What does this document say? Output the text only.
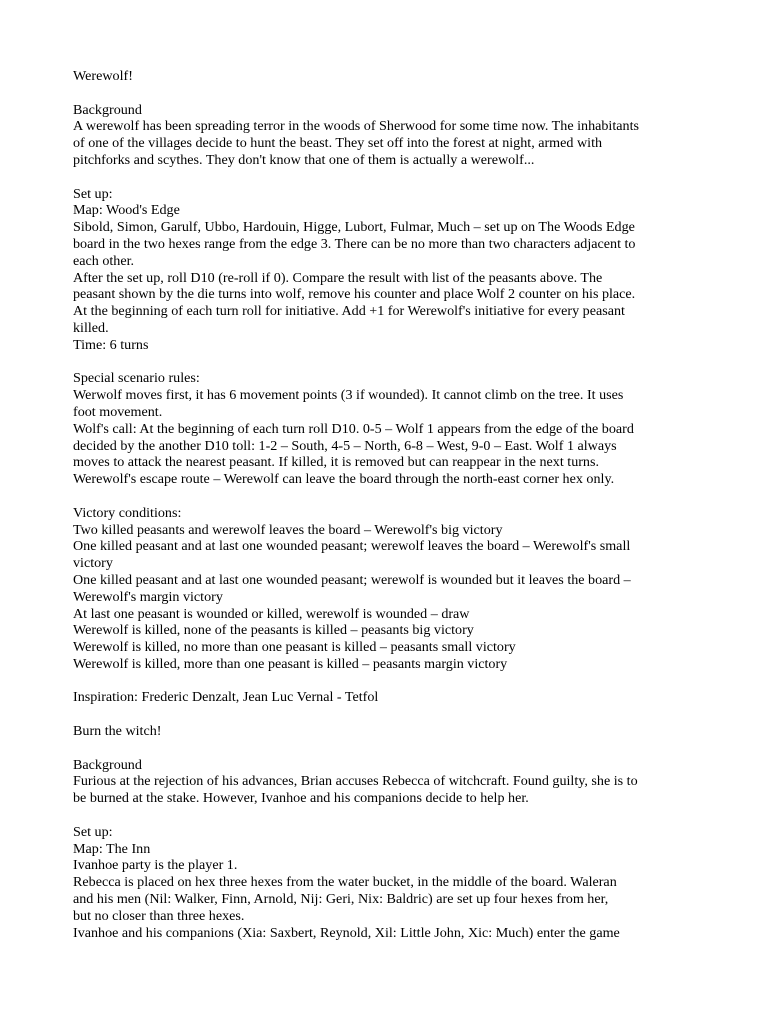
Werewolf!
Background
A werewolf has been spreading terror in the woods of Sherwood for some time now. The inhabitants
of one of the villages decide to hunt the beast. They set off into the forest at night, armed with
pitchforks and scythes. They don't know that one of them is actually a werewolf...
Set up:
Map: Wood's Edge
Sibold, Simon, Garulf, Ubbo, Hardouin, Higge, Lubort, Fulmar, Much – set up on The Woods Edge
board in the two hexes range from the edge 3. There can be no more than two characters adjacent to
each other.
After the set up, roll D10 (re-roll if 0). Compare the result with list of the peasants above. The
peasant shown by the die turns into wolf, remove his counter and place Wolf 2 counter on his place.
At the beginning of each turn roll for initiative. Add +1 for Werewolf's initiative for every peasant
killed.
Time: 6 turns
Special scenario rules:
Werwolf moves first, it has 6 movement points (3 if wounded). It cannot climb on the tree. It uses
foot movement.
Wolf's call: At the beginning of each turn roll D10. 0-5 – Wolf 1 appears from the edge of the board
decided by the another D10 toll: 1-2 – South, 4-5 – North, 6-8 – West, 9-0 – East. Wolf 1 always
moves to attack the nearest peasant. If killed, it is removed but can reappear in the next turns.
Werewolf's escape route – Werewolf can leave the board through the north-east corner hex only.
Victory conditions:
Two killed peasants and werewolf leaves the board – Werewolf's big victory
One killed peasant and at last one wounded peasant; werewolf leaves the board – Werewolf's small
victory
One killed peasant and at last one wounded peasant; werewolf is wounded but it leaves the board –
Werewolf's margin victory
At last one peasant is wounded or killed, werewolf is wounded – draw
Werewolf is killed, none of the peasants is killed – peasants big victory
Werewolf is killed, no more than one peasant is killed – peasants small victory
Werewolf is killed, more than one peasant is killed – peasants margin victory
Inspiration: Frederic Denzalt, Jean Luc Vernal - Tetfol
Burn the witch!
Background
Furious at the rejection of his advances, Brian accuses Rebecca of witchcraft. Found guilty, she is to
be burned at the stake. However, Ivanhoe and his companions decide to help her.
Set up:
Map: The Inn
Ivanhoe party is the player 1.
Rebecca is placed on hex three hexes from the water bucket, in the middle of the board. Waleran
and his men (Nil: Walker, Finn, Arnold, Nij: Geri, Nix: Baldric) are set up four hexes from her,
but no closer than three hexes.
Ivanhoe and his companions (Xia: Saxbert, Reynold, Xil: Little John, Xic: Much) enter the game
